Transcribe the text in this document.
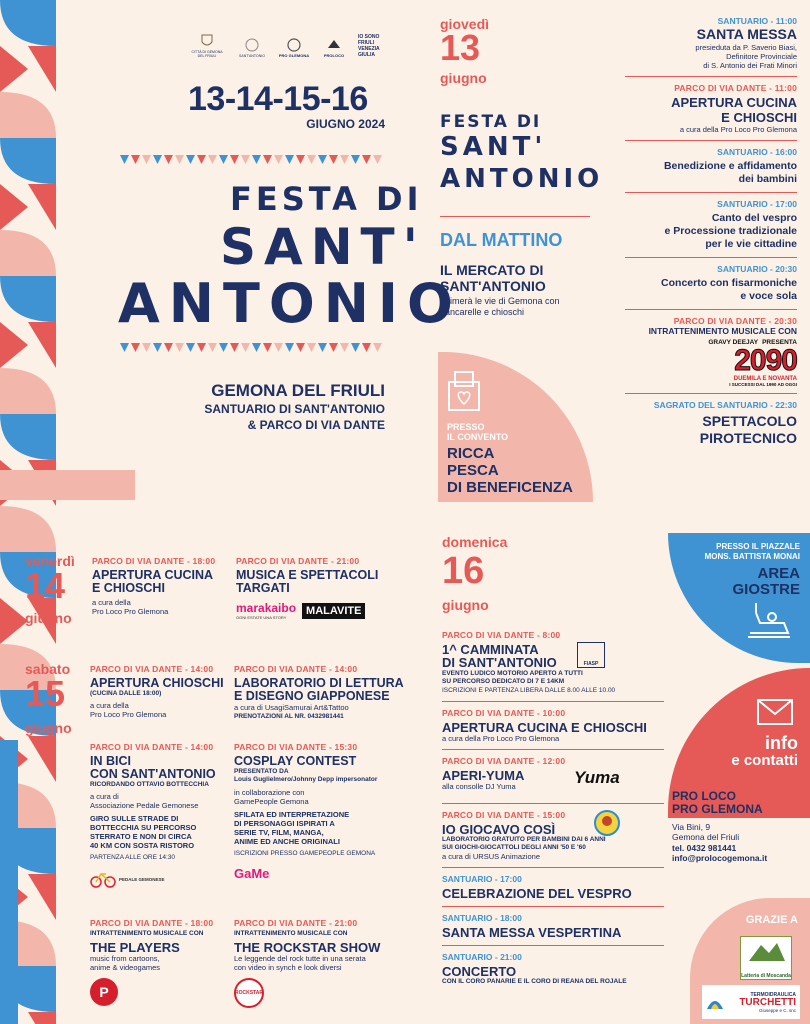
CITTÀ DI GEMONA DEL FRIULI	SANT'ANTONIO	PRO GLEMONA	PROLOCO
IO SONO FRIULI VENEZIA GIULIA
13-14-15-16
GIUGNO 2024
FESTA DI
SANT'
ANTONIO
GEMONA DEL FRIULI
SANTUARIO DI SANT'ANTONIO
& PARCO DI VIA DANTE
giovedì
13
giugno
FESTA DI
SANT'
ANTONIO
DAL MATTINO
IL MERCATO DI
SANT'ANTONIO
animerà le vie di Gemona con bancarelle e chioschi
PRESSO
IL CONVENTO
RICCA
PESCA
DI BENEFICENZA
SANTUARIO - 11:00
SANTA MESSA
presieduta da P. Saverio Biasi,
Definitore Provinciale
di S. Antonio dei Frati Minori
PARCO DI VIA DANTE - 11:00
APERTURA CUCINA
E CHIOSCHI
a cura della Pro Loco Pro Glemona
SANTUARIO - 16:00
Benedizione e affidamento
dei bambini
SANTUARIO - 17:00
Canto del vespro
e Processione tradizionale
per le vie cittadine
SANTUARIO - 20:30
Concerto con fisarmoniche
e voce sola
PARCO DI VIA DANTE - 20:30
INTRATTENIMENTO MUSICALE CON
GRAVY DEEJAY PRESENTA
2090
DUEMILA E NOVANTA
I SUCCESSI DAL 1990 AD OGGI
SAGRATO DEL SANTUARIO - 22:30
SPETTACOLO
PIROTECNICO
venerdì
14
giugno
PARCO DI VIA DANTE - 18:00
APERTURA CUCINA
E CHIOSCHI
a cura della
Pro Loco Pro Glemona
PARCO DI VIA DANTE - 21:00
MUSICA E SPETTACOLI
TARGATI
marakaibo
OGNI ESTATE UNA STORY
MALAVITE
sabato
15
giugno
PARCO DI VIA DANTE - 14:00
APERTURA CHIOSCHI
(CUCINA DALLE 18:00)
a cura della
Pro Loco Pro Glemona
PARCO DI VIA DANTE - 14:00
LABORATORIO DI LETTURA
E DISEGNO GIAPPONESE
a cura di UsagiSamurai Art&Tattoo
PRENOTAZIONI AL NR. 0432981441
PARCO DI VIA DANTE - 14:00
IN BICI
CON SANT'ANTONIO
RICORDANDO OTTAVIO BOTTECCHIA
a cura di
Associazione Pedale Gemonese
GIRO SULLE STRADE DI
BOTTECCHIA SU PERCORSO
STERRATO E NON DI CIRCA
40 KM CON SOSTA RISTORO
PARTENZA ALLE ORE 14:30
PEDALE GEMONESE
PARCO DI VIA DANTE - 15:30
COSPLAY CONTEST
PRESENTATO DA
Louis Guglielmero/Johnny Depp impersonator
in collaborazione con
GamePeople Gemona
SFILATA ED INTERPRETAZIONE
DI PERSONAGGI ISPIRATI A
SERIE TV, FILM, MANGA,
ANIME ED ANCHE ORIGINALI
ISCRIZIONI PRESSO GAMEPEOPLE GEMONA
GaMe
PARCO DI VIA DANTE - 18:00
INTRATTENIMENTO MUSICALE CON
THE PLAYERS
music from cartoons,
anime & videogames
P
PARCO DI VIA DANTE - 21:00
INTRATTENIMENTO MUSICALE CON
THE ROCKSTAR SHOW
Le leggende del rock tutte in una serata
con video in synch e look diversi
ROCKSTAR
domenica
16
giugno
PARCO DI VIA DANTE - 8:00
1^ CAMMINATA
DI SANT'ANTONIO
EVENTO LUDICO MOTORIO APERTO A TUTTI
SU PERCORSO DEDICATO DI 7 E 14KM
ISCRIZIONI E PARTENZA LIBERA DALLE 8.00 ALLE 10.00
FIASP
PARCO DI VIA DANTE - 10:00
APERTURA CUCINA E CHIOSCHI
a cura della Pro Loco Pro Glemona
PARCO DI VIA DANTE - 12:00
APERI-YUMA
alla consolle DJ Yuma	Yuma
PARCO DI VIA DANTE - 15:00
IO GIOCAVO COSÌ
LABORATORIO GRATUITO PER BAMBINI DAI 6 ANNI
SUI GIOCHI-GIOCATTOLI DEGLI ANNI '50 E '60
a cura di URSUS Animazione
SANTUARIO - 17:00
CELEBRAZIONE DEL VESPRO
SANTUARIO - 18:00
SANTA MESSA VESPERTINA
SANTUARIO - 21:00
CONCERTO
CON IL CORO PANARIE E IL CORO DI REANA DEL ROJALE
PRESSO IL PIAZZALE
MONS. BATTISTA MONAI
AREA
GIOSTRE
info
e contatti
PRO LOCO
PRO GLEMONA
Via Bini, 9
Gemona del Friuli
tel. 0432 981441
info@prolocogemona.it
GRAZIE A
Latteria di Moscanda
TERMOIDRAULICA
TURCHETTI
Giuseppe e C. snc
